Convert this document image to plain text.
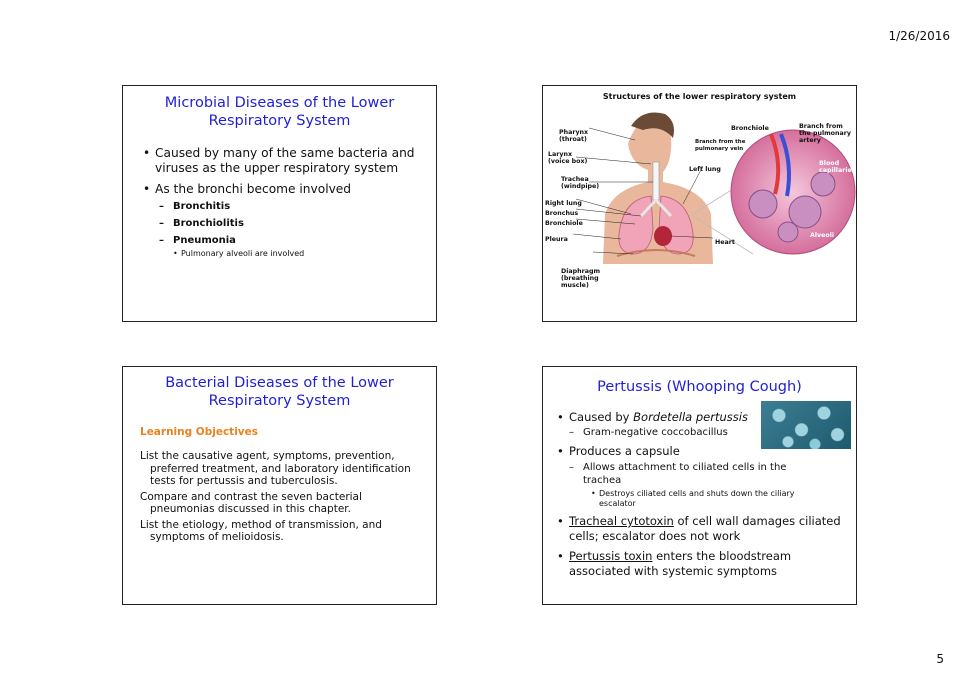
1/26/2016
Microbial Diseases of the Lower
Respiratory System
• Caused by many of the same bacteria and viruses as the upper respiratory system
• As the bronchi become involved
– Bronchitis
– Bronchiolitis
– Pneumonia
• Pulmonary alveoli are involved
Structures of the lower respiratory system
Pharynx
(throat)
Larynx
(voice box)
Trachea
(windpipe)
Right lung
Bronchus
Bronchiole
Pleura
Diaphragm
(breathing
muscle)
Left lung
Heart
Bronchiole
Branch from the
pulmonary vein
Branch from
the pulmonary
artery
Blood
capillaries
Alveoli
Bacterial Diseases of the Lower
Respiratory System
Learning Objectives
List the causative agent, symptoms, prevention, preferred treatment, and laboratory identification tests for pertussis and tuberculosis.
Compare and contrast the seven bacterial pneumonias discussed in this chapter.
List the etiology, method of transmission, and symptoms of melioidosis.
Pertussis (Whooping Cough)
• Caused by Bordetella pertussis
– Gram-negative coccobacillus
• Produces a capsule
– Allows attachment to ciliated cells in the trachea
• Destroys ciliated cells and shuts down the ciliary escalator
• Tracheal cytotoxin of cell wall damages ciliated cells; escalator does not work
• Pertussis toxin enters the bloodstream associated with systemic symptoms
5
